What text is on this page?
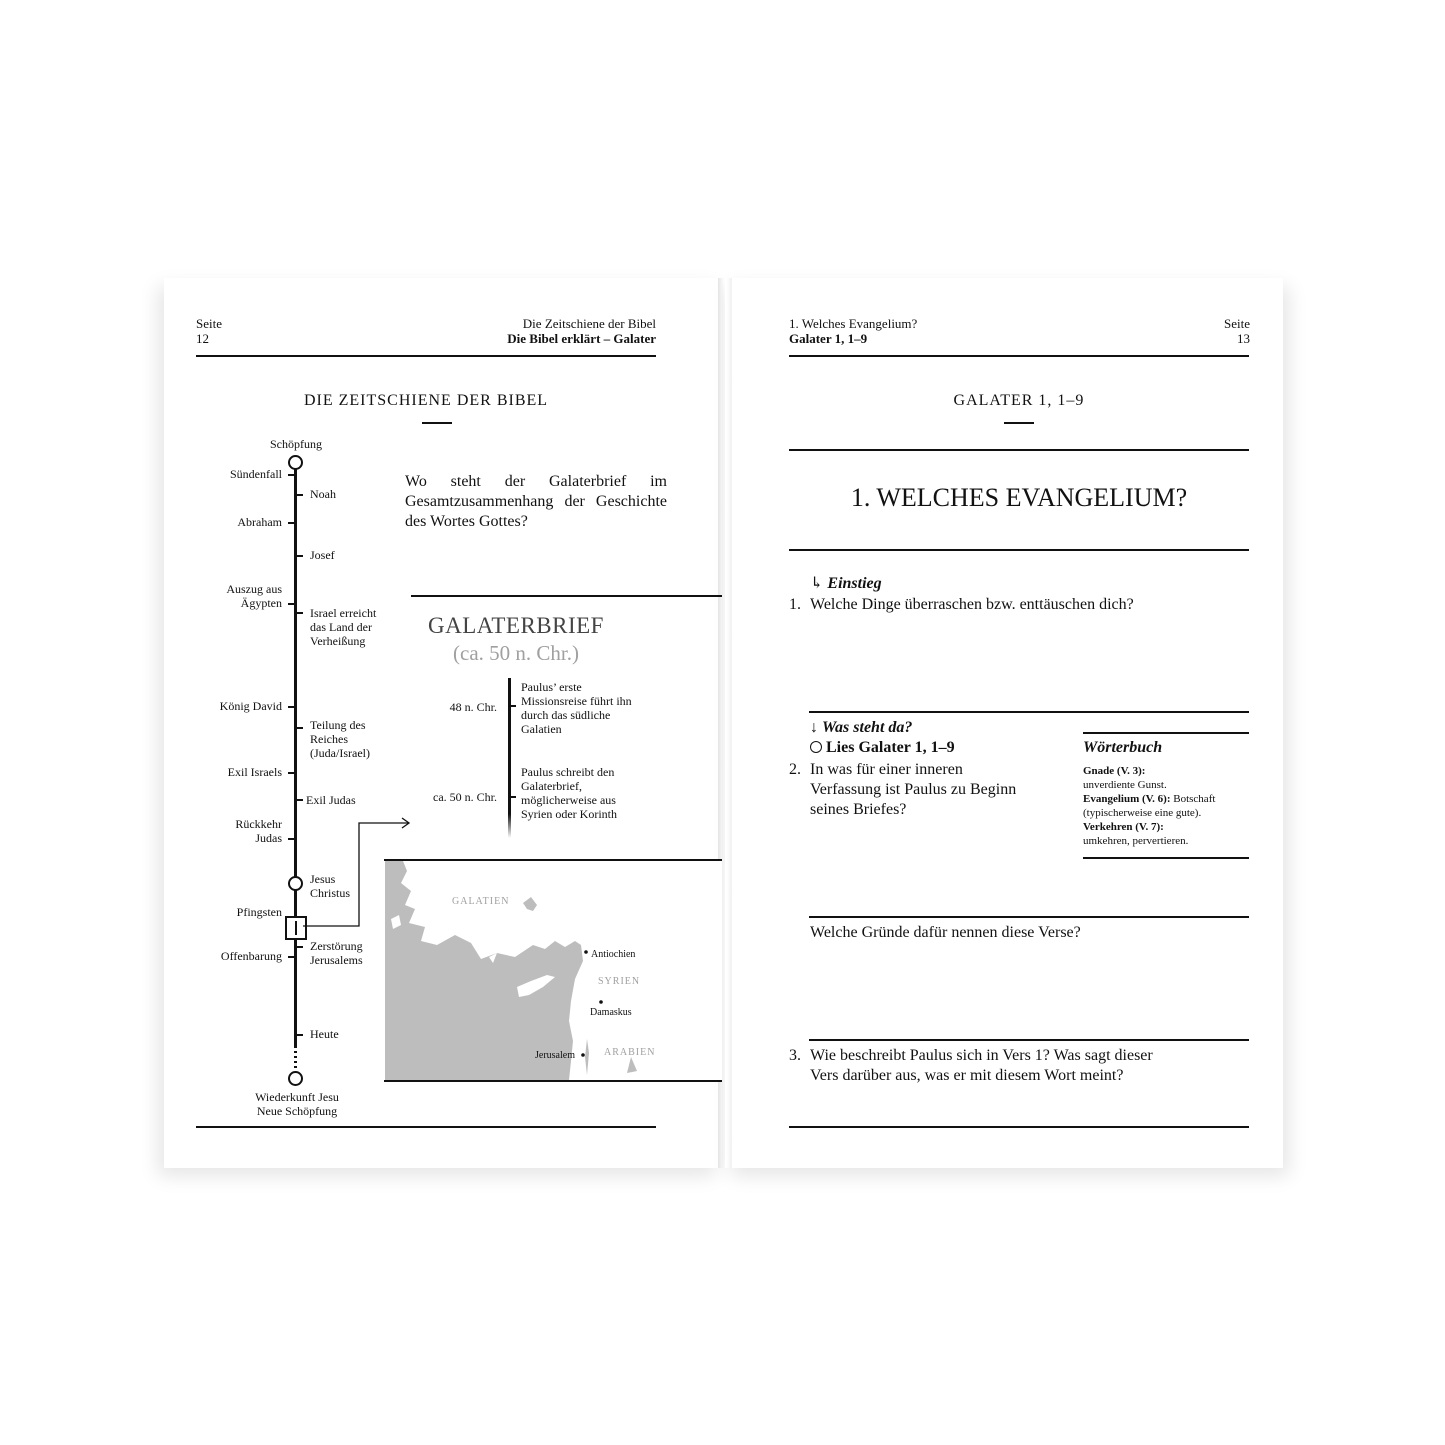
Seite
12
Die Zeitschiene der Bibel
Die Bibel erklärt – Galater
DIE ZEITSCHIENE DER BIBEL
Schöpfung
Sündenfall
Abraham
Auszug aus Ägypten
König David
Exil Israels
Rückkehr Judas
Pfingsten
Offenbarung
Noah
Josef
Israel erreicht das Land der Verheißung
Teilung des Reiches (Juda/Israel)
Exil Judas
Jesus Christus
Zerstörung Jerusalems
Heute
Wiederkunft Jesu
Neue Schöpfung
Wo steht der Galaterbrief im Gesamtzusammenhang der Geschichte des Wortes Gottes?
GALATERBRIEF
(ca. 50 n. Chr.)
48 n. Chr.
ca. 50 n. Chr.
Paulus’ erste Missionsreise führt ihn durch das südliche Galatien
Paulus schreibt den Galaterbrief, möglicherweise aus Syrien oder Korinth
GALATIEN
SYRIEN
ARABIEN
Antiochien
Damaskus
Jerusalem
1. Welches Evangelium?
Galater 1, 1–9
Seite
13
GALATER 1, 1–9
1. WELCHES EVANGELIUM?
↳ Einstieg
1. Welche Dinge überraschen bzw. enttäuschen dich?
↓ Was steht da?
Lies Galater 1, 1–9
2. In was für einer inneren Verfassung ist Paulus zu Beginn seines Briefes?
Wörterbuch
Gnade (V. 3):
unverdiente Gunst.
Evangelium (V. 6): Botschaft (typischerweise eine gute).
Verkehren (V. 7):
umkehren, pervertieren.
Welche Gründe dafür nennen diese Verse?
3. Wie beschreibt Paulus sich in Vers 1? Was sagt dieser
Vers darüber aus, was er mit diesem Wort meint?
